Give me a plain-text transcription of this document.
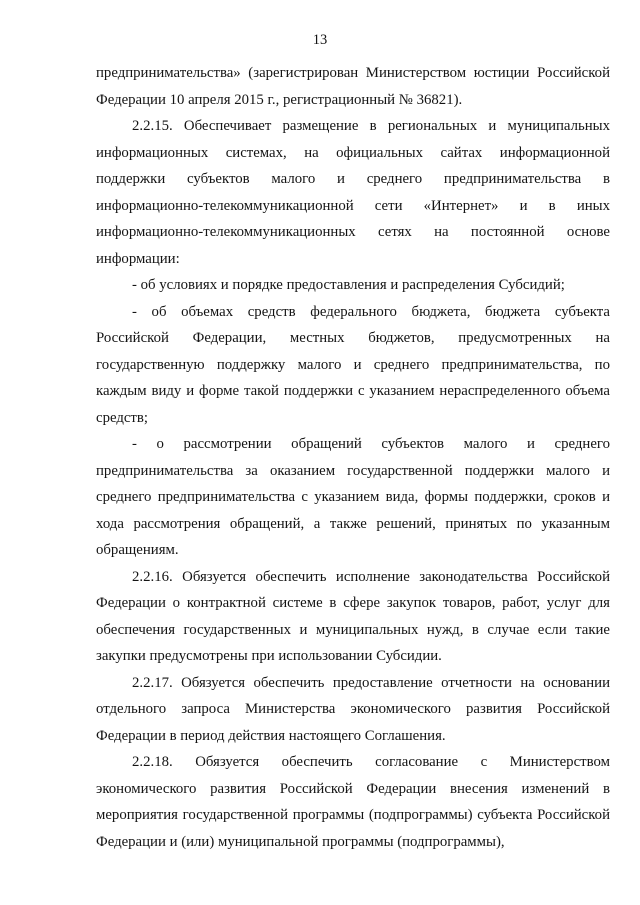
13

предпринимательства» (зарегистрирован Министерством юстиции Российской Федерации 10 апреля 2015 г., регистрационный № 36821).

2.2.15. Обеспечивает размещение в региональных и муниципальных информационных системах, на официальных сайтах информационной поддержки субъектов малого и среднего предпринимательства в информационно-телекоммуникационной сети «Интернет» и в иных информационно-телекоммуникационных сетях на постоянной основе информации:

- об условиях и порядке предоставления и распределения Субсидий;

- об объемах средств федерального бюджета, бюджета субъекта Российской Федерации, местных бюджетов, предусмотренных на государственную поддержку малого и среднего предпринимательства, по каждым виду и форме такой поддержки с указанием нераспределенного объема средств;

- о рассмотрении обращений субъектов малого и среднего предпринимательства за оказанием государственной поддержки малого и среднего предпринимательства с указанием вида, формы поддержки, сроков и хода рассмотрения обращений, а также решений, принятых по указанным обращениям.

2.2.16. Обязуется обеспечить исполнение законодательства Российской Федерации о контрактной системе в сфере закупок товаров, работ, услуг для обеспечения государственных и муниципальных нужд, в случае если такие закупки предусмотрены при использовании Субсидии.

2.2.17. Обязуется обеспечить предоставление отчетности на основании отдельного запроса Министерства экономического развития Российской Федерации в период действия настоящего Соглашения.

2.2.18. Обязуется обеспечить согласование с Министерством экономического развития Российской Федерации внесения изменений в мероприятия государственной программы (подпрограммы) субъекта Российской Федерации и (или) муниципальной программы (подпрограммы),
